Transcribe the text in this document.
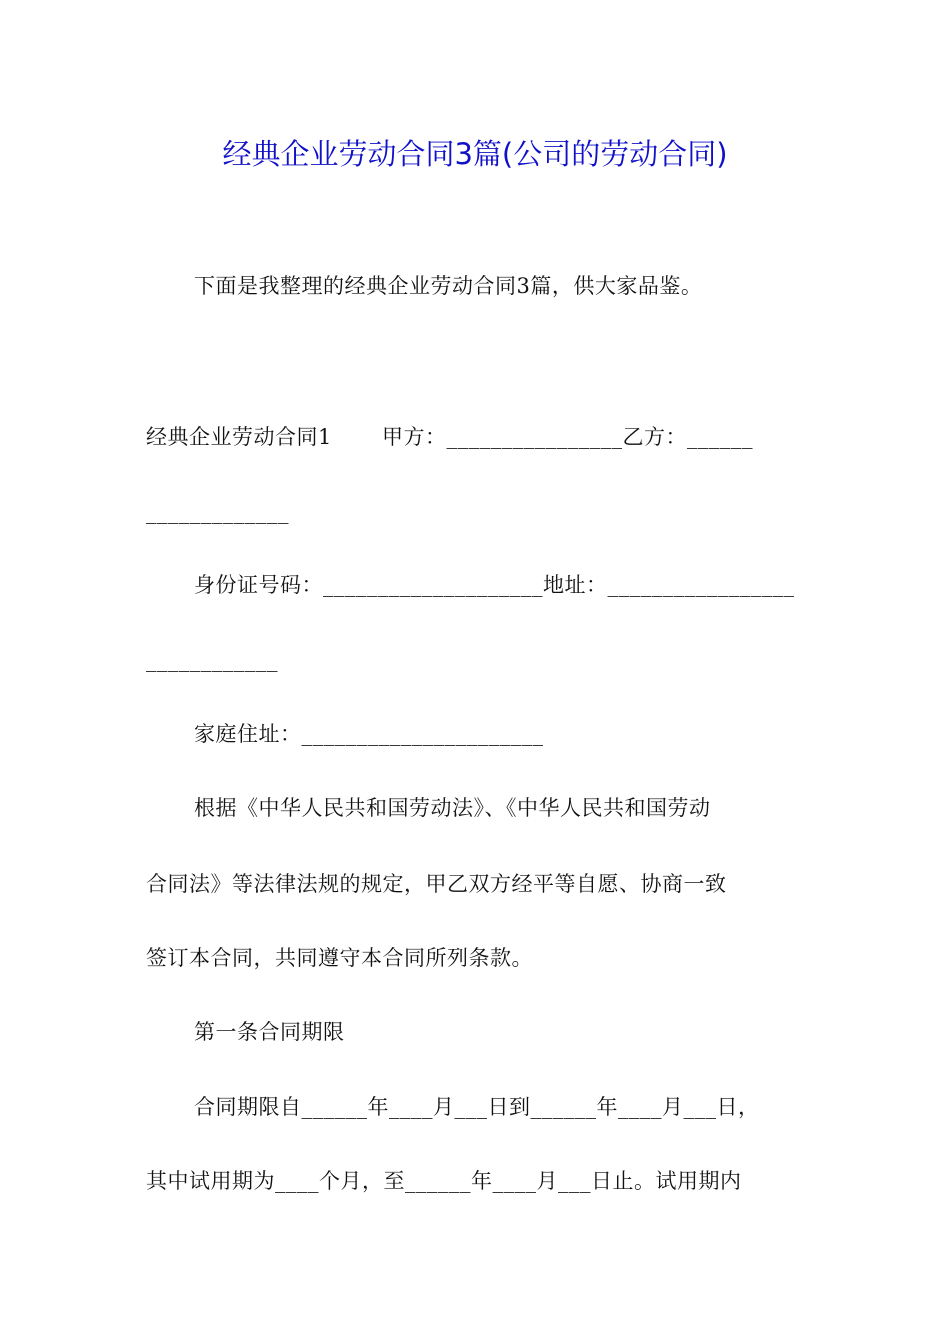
经典企业劳动合同3篇(公司的劳动合同)
下面是我整理的经典企业劳动合同3篇，供大家品鉴。
经典企业劳动合同1　　 甲方：________________乙方：______
_____________
身份证号码：____________________地址：_________________
____________
家庭住址：______________________
根据《中华人民共和国劳动法》、《中华人民共和国劳动
合同法》等法律法规的规定，甲乙双方经平等自愿、协商一致
签订本合同，共同遵守本合同所列条款。
第一条合同期限
合同期限自______年____月___日到______年____月___日，
其中试用期为____个月，至______年____月___日止。试用期内
